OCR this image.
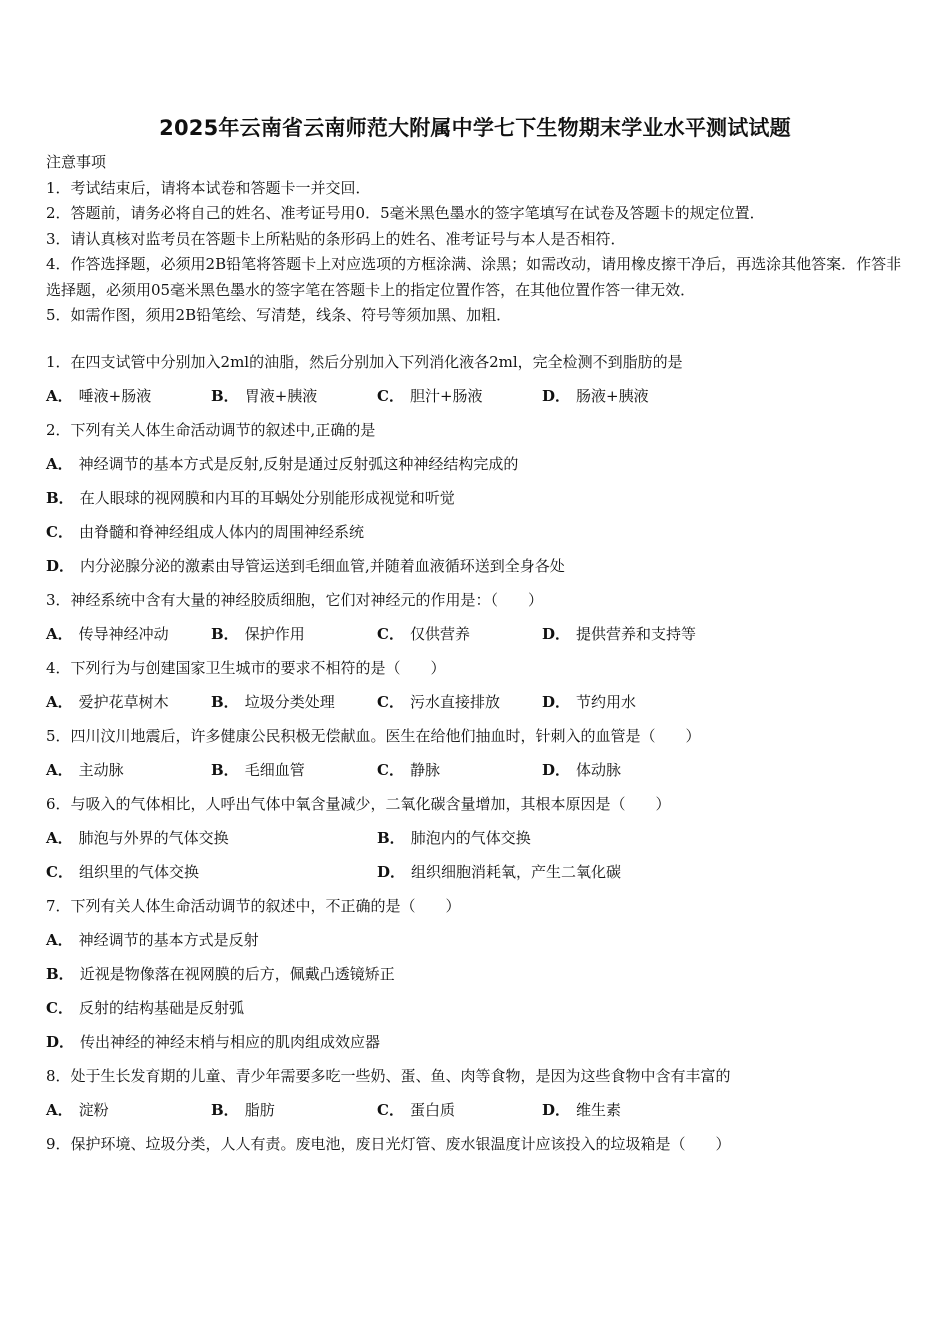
2025年云南省云南师范大附属中学七下生物期末学业水平测试试题

注意事项

1．考试结束后，请将本试卷和答题卡一并交回．

2．答题前，请务必将自己的姓名、准考证号用0．5毫米黑色墨水的签字笔填写在试卷及答题卡的规定位置．

3．请认真核对监考员在答题卡上所粘贴的条形码上的姓名、准考证号与本人是否相符．

4．作答选择题，必须用2B铅笔将答题卡上对应选项的方框涂满、涂黑；如需改动，请用橡皮擦干净后，再选涂其他答案．作答非选择题，必须用05毫米黑色墨水的签字笔在答题卡上的指定位置作答，在其他位置作答一律无效．

5．如需作图，须用2B铅笔绘、写清楚，线条、符号等须加黑、加粗．

1．在四支试管中分别加入2ml的油脂，然后分别加入下列消化液各2ml，完全检测不到脂肪的是
A． 唾液+肠液	B． 胃液+胰液	C． 胆汁+肠液	D． 肠液+胰液
2．下列有关人体生命活动调节的叙述中,正确的是
A． 神经调节的基本方式是反射,反射是通过反射弧这种神经结构完成的
B． 在人眼球的视网膜和内耳的耳蜗处分别能形成视觉和听觉
C． 由脊髓和脊神经组成人体内的周围神经系统
D． 内分泌腺分泌的激素由导管运送到毛细血管,并随着血液循环送到全身各处
3．神经系统中含有大量的神经胶质细胞，它们对神经元的作用是：（　　）
A． 传导神经冲动	B． 保护作用	C． 仅供营养	D． 提供营养和支持等
4．下列行为与创建国家卫生城市的要求不相符的是（　　）
A． 爱护花草树木	B． 垃圾分类处理	C． 污水直接排放	D． 节约用水
5．四川汶川地震后，许多健康公民积极无偿献血。医生在给他们抽血时，针刺入的血管是（　　）
A． 主动脉	B． 毛细血管	C． 静脉	D． 体动脉
6．与吸入的气体相比，人呼出气体中氧含量减少，二氧化碳含量增加，其根本原因是（　　）
A． 肺泡与外界的气体交换	B． 肺泡内的气体交换
C． 组织里的气体交换	D． 组织细胞消耗氧，产生二氧化碳
7．下列有关人体生命活动调节的叙述中，不正确的是（　　）
A． 神经调节的基本方式是反射
B． 近视是物像落在视网膜的后方，佩戴凸透镜矫正
C． 反射的结构基础是反射弧
D． 传出神经的神经末梢与相应的肌肉组成效应器
8．处于生长发育期的儿童、青少年需要多吃一些奶、蛋、鱼、肉等食物，是因为这些食物中含有丰富的
A． 淀粉	B． 脂肪	C． 蛋白质	D． 维生素
9．保护环境、垃圾分类，人人有责。废电池，废日光灯管、废水银温度计应该投入的垃圾箱是（　　）
